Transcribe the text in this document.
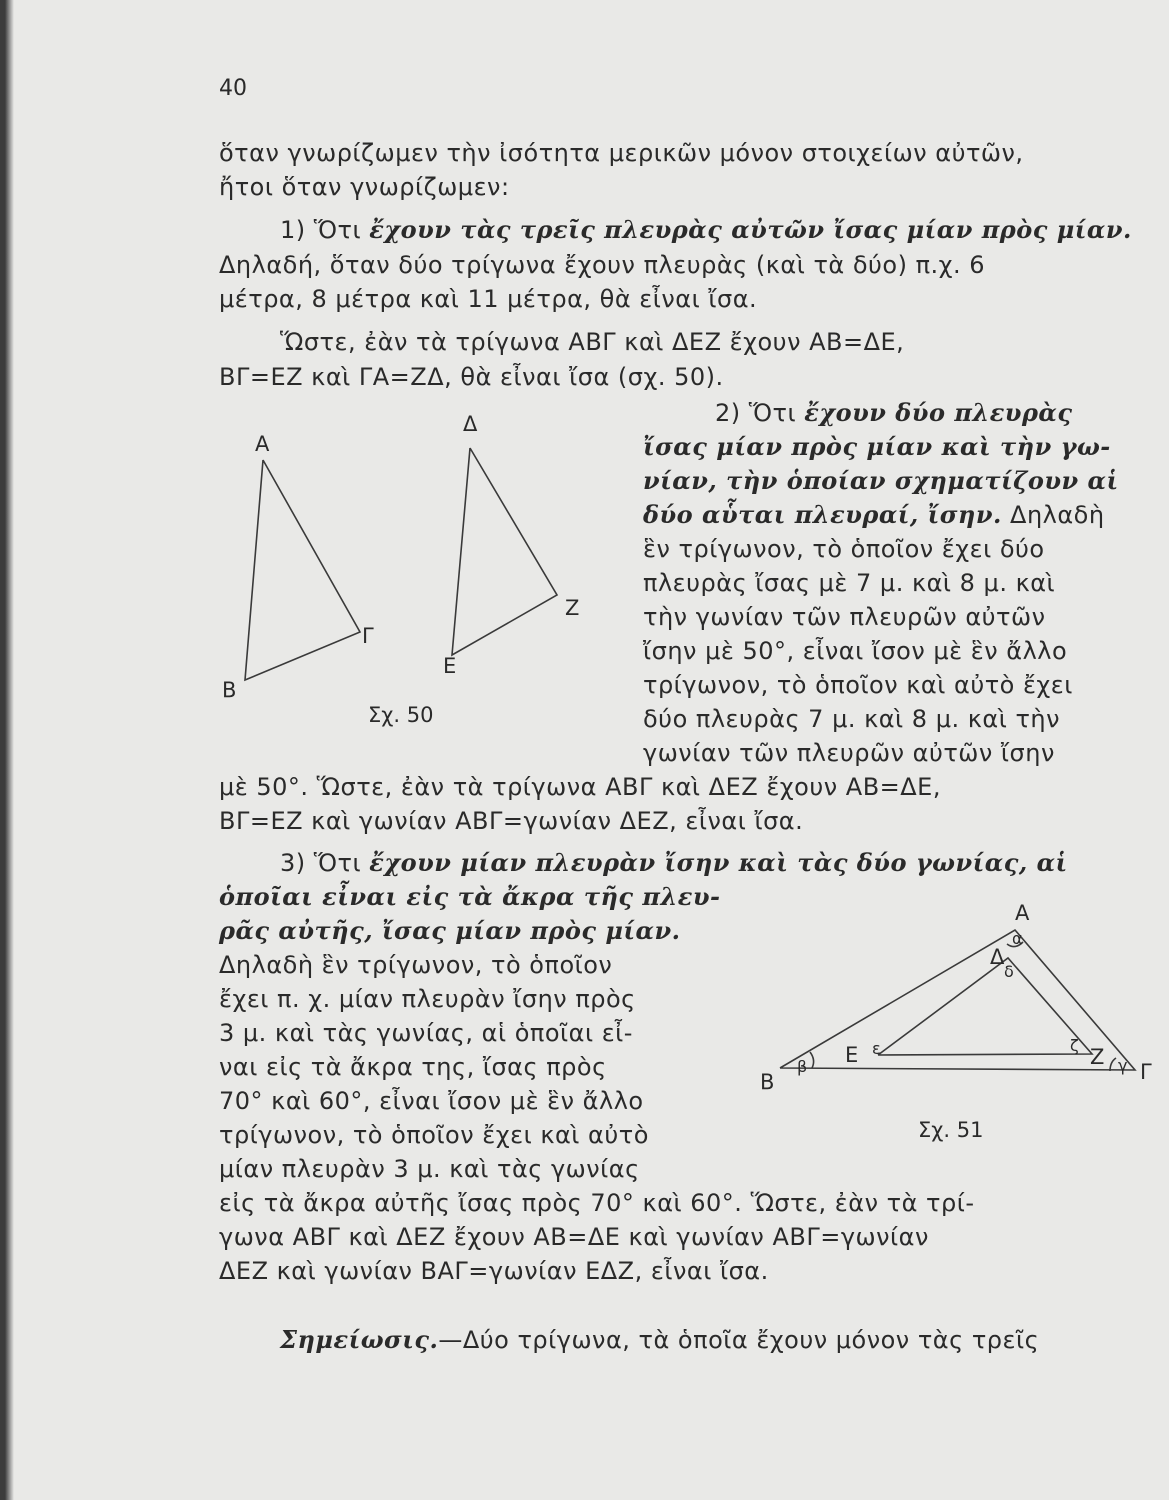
40
ὅταν γνωρίζωμεν τὴν ἰσότητα μερικῶν μόνον στοιχείων αὐτῶν,
ἤτοι ὅταν γνωρίζωμεν:
1) Ὅτι ἔχουν τὰς τρεῖς πλευρὰς αὐτῶν ἴσας μίαν πρὸς μίαν.
Δηλαδή, ὅταν δύο τρίγωνα ἔχουν πλευρὰς (καὶ τὰ δύο) π.χ. 6
μέτρα, 8 μέτρα καὶ 11 μέτρα, θὰ εἶναι ἴσα.
Ὥστε, ἐὰν τὰ τρίγωνα ΑΒΓ καὶ ΔΕΖ ἔχουν ΑΒ=ΔΕ,
ΒΓ=ΕΖ καὶ ΓΑ=ΖΔ, θὰ εἶναι ἴσα (σχ. 50).
Α
Β
Γ
Δ
Ε
Ζ
Σχ. 50
2) Ὅτι ἔχουν δύο πλευρὰς
ἴσας μίαν πρὸς μίαν καὶ τὴν γω-
νίαν, τὴν ὁποίαν σχηματίζουν αἱ
δύο αὗται πλευραί, ἴσην. Δηλαδὴ
ἓν τρίγωνον, τὸ ὁποῖον ἔχει δύο
πλευρὰς ἴσας μὲ 7 μ. καὶ 8 μ. καὶ
τὴν γωνίαν τῶν πλευρῶν αὐτῶν
ἴσην μὲ 50°, εἶναι ἴσον μὲ ἓν ἄλλο
τρίγωνον, τὸ ὁποῖον καὶ αὐτὸ ἔχει
δύο πλευρὰς 7 μ. καὶ 8 μ. καὶ τὴν
γωνίαν τῶν πλευρῶν αὐτῶν ἴσην
μὲ 50°. Ὥστε, ἐὰν τὰ τρίγωνα ΑΒΓ καὶ ΔΕΖ ἔχουν ΑΒ=ΔΕ,
ΒΓ=ΕΖ καὶ γωνίαν ΑΒΓ=γωνίαν ΔΕΖ, εἶναι ἴσα.
3) Ὅτι ἔχουν μίαν πλευρὰν ἴσην καὶ τὰς δύο γωνίας, αἱ
ὁποῖαι εἶναι εἰς τὰ ἄκρα τῆς πλευ-
ρᾶς αὐτῆς, ἴσας μίαν πρὸς μίαν.
Δηλαδὴ ἓν τρίγωνον, τὸ ὁποῖον
ἔχει π. χ. μίαν πλευρὰν ἴσην πρὸς
3 μ. καὶ τὰς γωνίας, αἱ ὁποῖαι εἶ-
ναι εἰς τὰ ἄκρα της, ἴσας πρὸς
70° καὶ 60°, εἶναι ἴσον μὲ ἓν ἄλλο
τρίγωνον, τὸ ὁποῖον ἔχει καὶ αὐτὸ
μίαν πλευρὰν 3 μ. καὶ τὰς γωνίας
εἰς τὰ ἄκρα αὐτῆς ἴσας πρὸς 70° καὶ 60°. Ὥστε, ἐὰν τὰ τρί-
γωνα ΑΒΓ καὶ ΔΕΖ ἔχουν ΑΒ=ΔΕ καὶ γωνίαν ΑΒΓ=γωνίαν
ΔΕΖ καὶ γωνίαν ΒΑΓ=γωνίαν ΕΔΖ, εἶναι ἴσα.
Α
Β	Γ
Δ
Ε	Ζ
α
δ
β	γ
ε	ζ
Σχ. 51
Σημείωσις.—Δύο τρίγωνα, τὰ ὁποῖα ἔχουν μόνον τὰς τρεῖς
